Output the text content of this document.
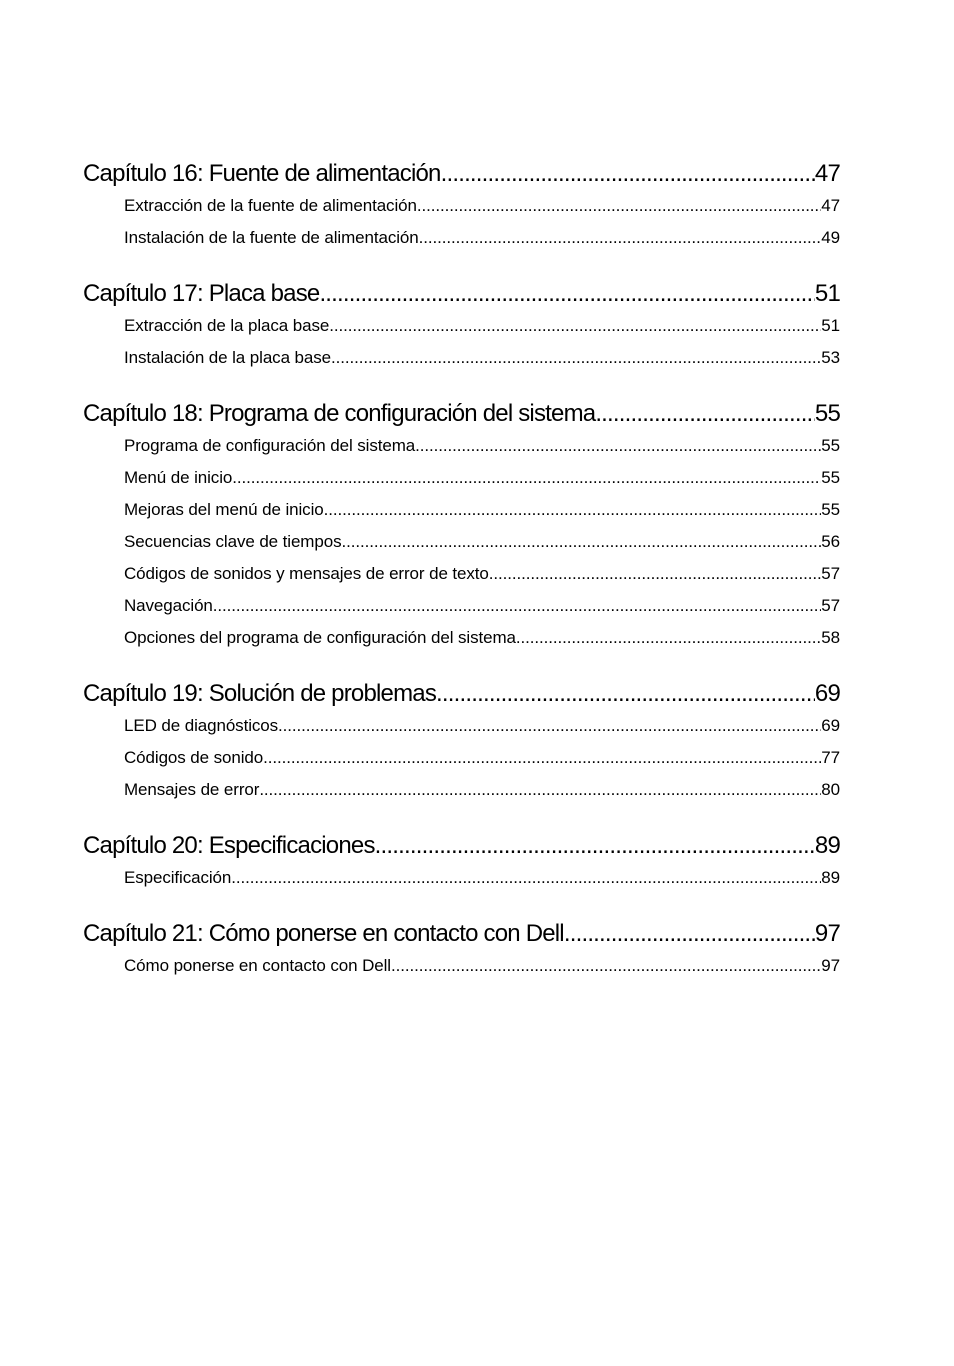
Capítulo 16: Fuente de alimentación .....	47
Extracción de la fuente de alimentación .....	47
Instalación de la fuente de alimentación .....	49
Capítulo 17: Placa base .....	51
Extracción de la placa base .....	51
Instalación de la placa base .....	53
Capítulo 18: Programa de configuración del sistema .....	55
Programa de configuración del sistema .....	55
Menú de inicio .....	55
Mejoras del menú de inicio .....	55
Secuencias clave de tiempos .....	56
Códigos de sonidos y mensajes de error de texto .....	57
Navegación .....	57
Opciones del programa de configuración del sistema .....	58
Capítulo 19: Solución de problemas .....	69
LED de diagnósticos .....	69
Códigos de sonido .....	77
Mensajes de error .....	80
Capítulo 20: Especificaciones .....	89
Especificación .....	89
Capítulo 21: Cómo ponerse en contacto con Dell .....	97
Cómo ponerse en contacto con Dell .....	97
